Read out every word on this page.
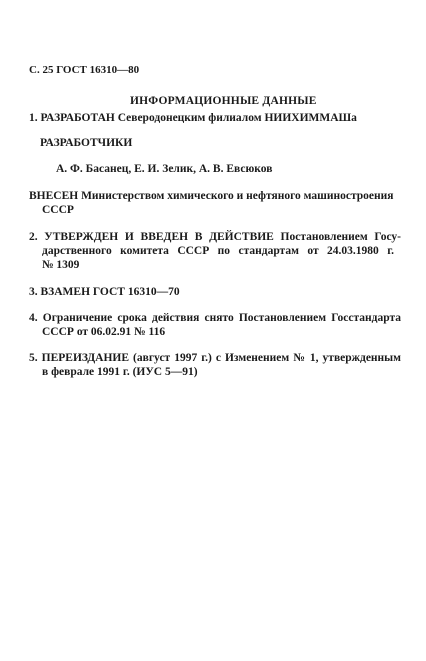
С. 25 ГОСТ 16310—80
ИНФОРМАЦИОННЫЕ ДАННЫЕ
1. РАЗРАБОТАН Северодонецким филиалом НИИХИММАШа
РАЗРАБОТЧИКИ
А. Ф. Басанец, Е. И. Зелик, А. В. Евсюков
ВНЕСЕН Министерством химического и нефтяного машиностроения
СССР
2. УТВЕРЖДЕН И ВВЕДЕН В ДЕЙСТВИЕ Постановлением Госу-
дарственного комитета СССР по стандартам от 24.03.1980 г.
№ 1309
3. ВЗАМЕН ГОСТ 16310—70
4. Ограничение срока действия снято Постановлением Госстандарта
СССР от 06.02.91 № 116
5. ПЕРЕИЗДАНИЕ (август 1997 г.) с Изменением № 1, утвержденным
в феврале 1991 г. (ИУС 5—91)
